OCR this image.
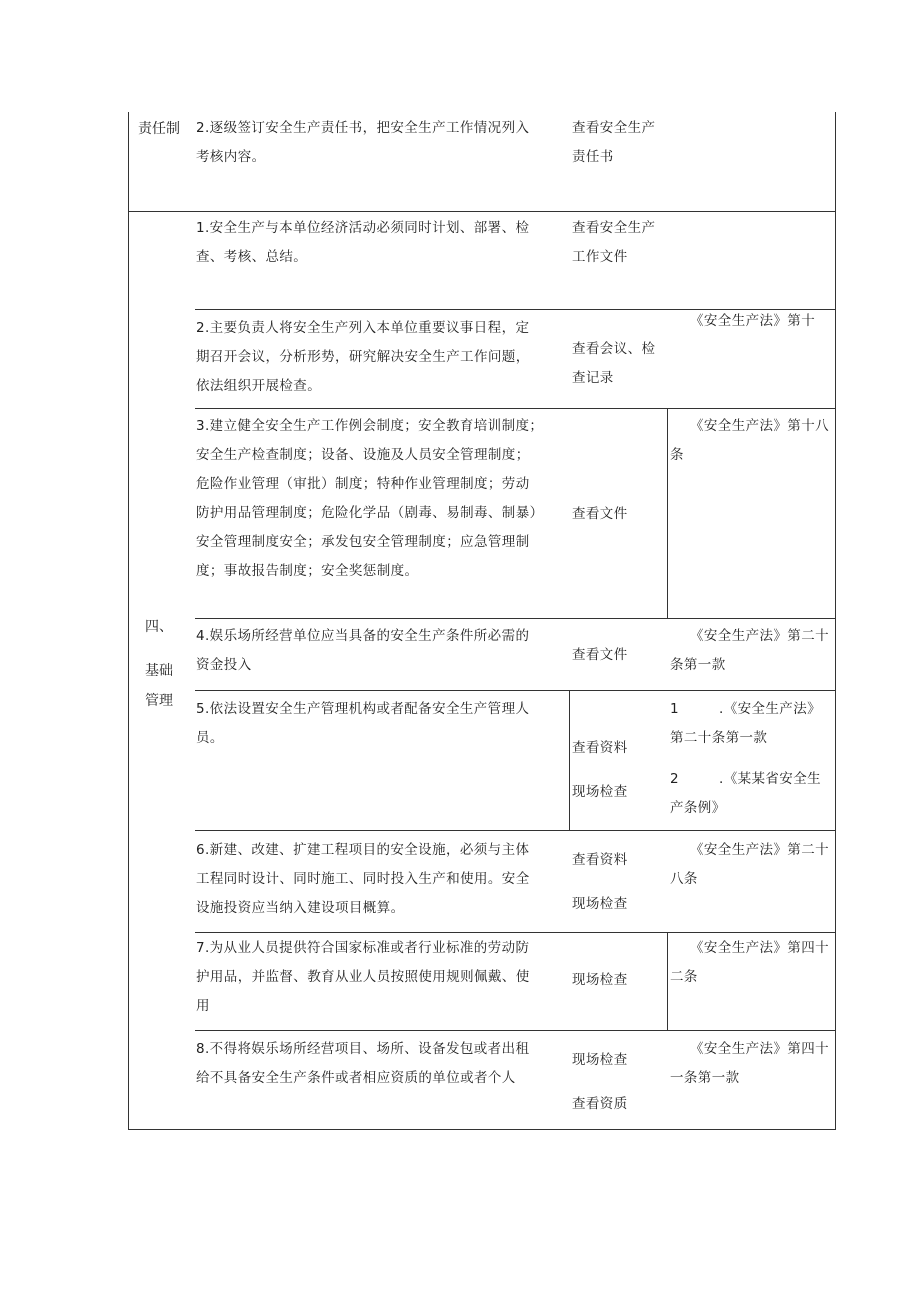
责任制
四、
基础
管理
2.逐级签订安全生产责任书，把安全生产工作情况列入
考核内容。
查看安全生产
责任书
1.安全生产与本单位经济活动必须同时计划、部署、检
查、考核、总结。
查看安全生产
工作文件
2.主要负责人将安全生产列入本单位重要议事日程，定
期召开会议，分析形势，研究解决安全生产工作问题，
依法组织开展检查。
查看会议、检
查记录
《安全生产法》第十
3.建立健全安全生产工作例会制度；安全教育培训制度；
安全生产检查制度；设备、设施及人员安全管理制度；
危险作业管理（审批）制度；特种作业管理制度；劳动
防护用品管理制度；危险化学品（剧毒、易制毒、制暴）
安全管理制度安全；承发包安全管理制度；应急管理制
度；事故报告制度；安全奖惩制度。
查看文件
《安全生产法》第十八
条
4.娱乐场所经营单位应当具备的安全生产条件所必需的
资金投入
查看文件
《安全生产法》第二十
条第一款
5.依法设置安全生产管理机构或者配备安全生产管理人
员。
查看资料
现场检查
1	.《安全生产法》
第二十条第一款
2	.《某某省安全生
产条例》
6.新建、改建、扩建工程项目的安全设施，必须与主体
工程同时设计、同时施工、同时投入生产和使用。安全
设施投资应当纳入建设项目概算。
查看资料
现场检查
《安全生产法》第二十
八条
7.为从业人员提供符合国家标准或者行业标准的劳动防
护用品，并监督、教育从业人员按照使用规则佩戴、使
用
现场检查
《安全生产法》第四十
二条
8.不得将娱乐场所经营项目、场所、设备发包或者出租
给不具备安全生产条件或者相应资质的单位或者个人
现场检查
查看资质
《安全生产法》第四十
一条第一款
